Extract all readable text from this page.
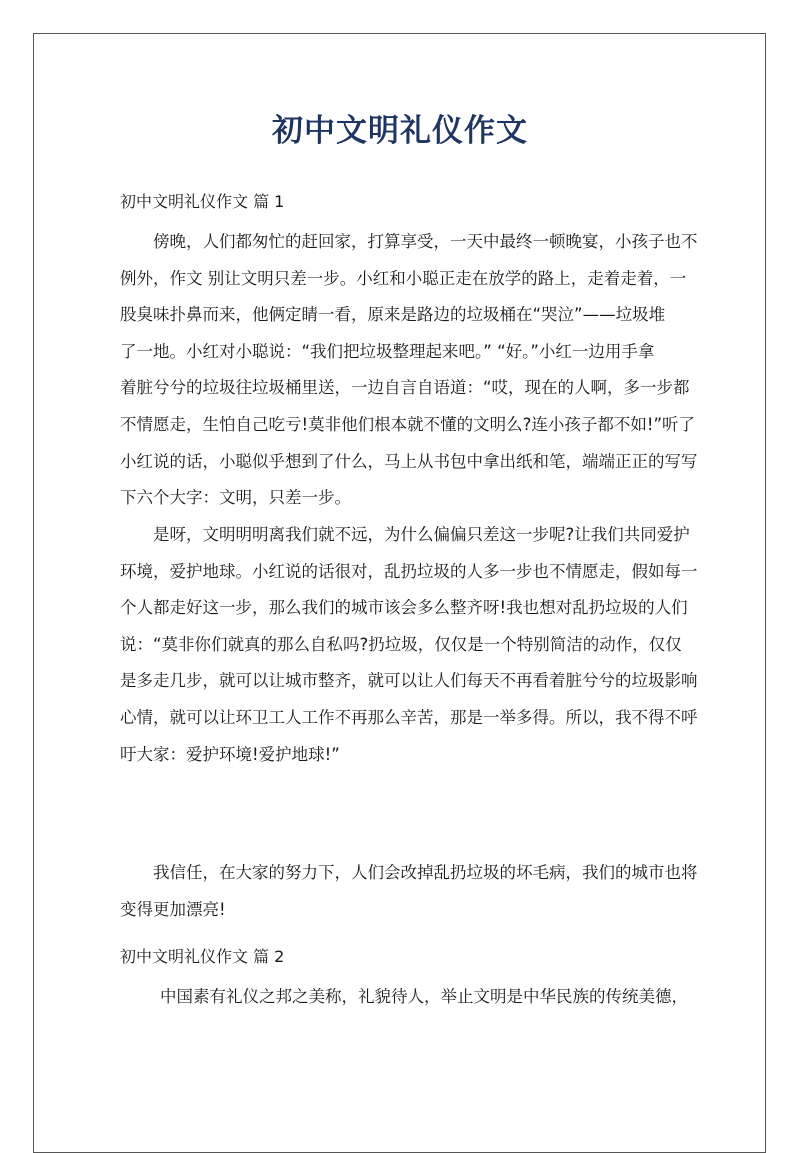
初中文明礼仪作文
初中文明礼仪作文 篇 1
傍晚，人们都匆忙的赶回家，打算享受，一天中最终一顿晚宴，小孩子也不
例外，作文 别让文明只差一步。小红和小聪正走在放学的路上，走着走着，一
股臭味扑鼻而来，他俩定睛一看，原来是路边的垃圾桶在“哭泣”——垃圾堆
了一地。小红对小聪说：“我们把垃圾整理起来吧。” “好。”小红一边用手拿
着脏兮兮的垃圾往垃圾桶里送，一边自言自语道：“哎，现在的人啊，多一步都
不情愿走，生怕自己吃亏!莫非他们根本就不懂的文明么?连小孩子都不如!”听了
小红说的话，小聪似乎想到了什么，马上从书包中拿出纸和笔，端端正正的写写
下六个大字：文明，只差一步。
是呀，文明明明离我们就不远，为什么偏偏只差这一步呢?让我们共同爱护
环境，爱护地球。小红说的话很对，乱扔垃圾的人多一步也不情愿走，假如每一
个人都走好这一步，那么我们的城市该会多么整齐呀!我也想对乱扔垃圾的人们
说：“莫非你们就真的那么自私吗?扔垃圾，仅仅是一个特别简洁的动作，仅仅
是多走几步，就可以让城市整齐，就可以让人们每天不再看着脏兮兮的垃圾影响
心情，就可以让环卫工人工作不再那么辛苦，那是一举多得。所以，我不得不呼
吁大家：爱护环境!爱护地球!”
我信任，在大家的努力下，人们会改掉乱扔垃圾的坏毛病，我们的城市也将
变得更加漂亮!
初中文明礼仪作文 篇 2
中国素有礼仪之邦之美称，礼貌待人，举止文明是中华民族的传统美德，
